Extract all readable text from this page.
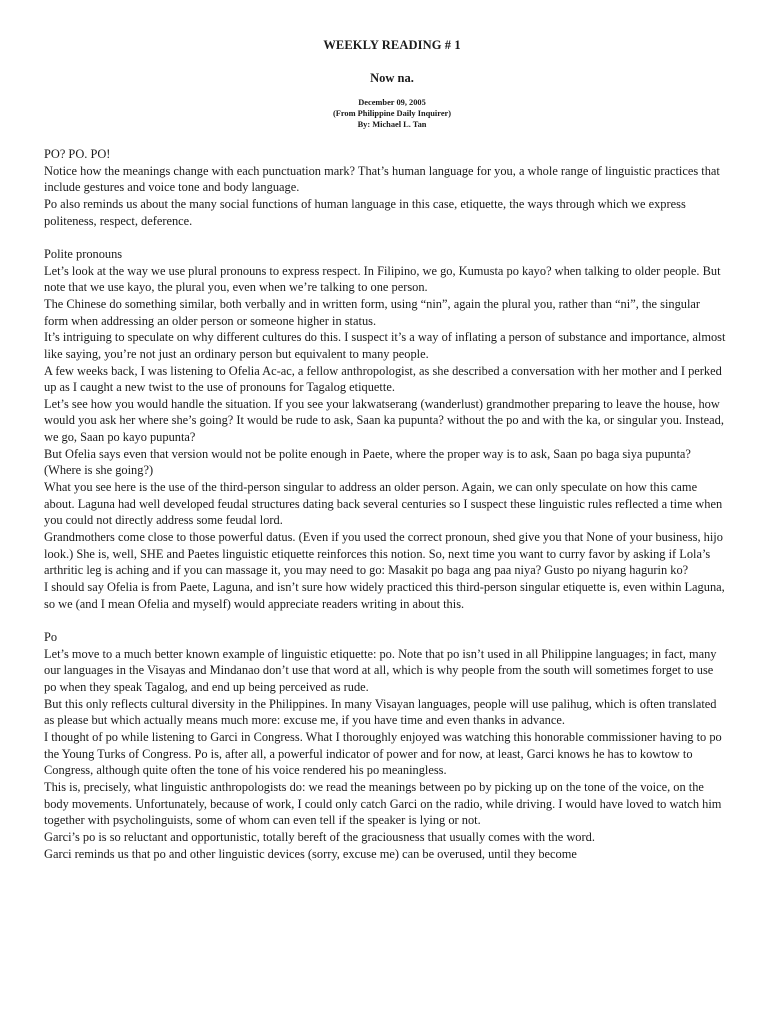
WEEKLY READING # 1

Now na.

December 09, 2005

(From Philippine Daily Inquirer)

By: Michael L. Tan

PO? PO. PO!

Notice how the meanings change with each punctuation mark? That’s human language for you, a whole range of linguistic practices that include gestures and voice tone and body language.

Po also reminds us about the many social functions of human language in this case, etiquette, the ways through which we express politeness, respect, deference.

Polite pronouns

Let’s look at the way we use plural pronouns to express respect. In Filipino, we go, Kumusta po kayo? when talking to older people. But note that we use kayo, the plural you, even when we’re talking to one person.

The Chinese do something similar, both verbally and in written form, using “nin”, again the plural you, rather than “ni”, the singular form when addressing an older person or someone higher in status.

It’s intriguing to speculate on why different cultures do this. I suspect it’s a way of inflating a person of substance and importance, almost like saying, you’re not just an ordinary person but equivalent to many people.

A few weeks back, I was listening to Ofelia Ac-ac, a fellow anthropologist, as she described a conversation with her mother and I perked up as I caught a new twist to the use of pronouns for Tagalog etiquette.

Let’s see how you would handle the situation. If you see your lakwatserang (wanderlust) grandmother preparing to leave the house, how would you ask her where she’s going? It would be rude to ask, Saan ka pupunta? without the po and with the ka, or singular you. Instead, we go, Saan po kayo pupunta?

But Ofelia says even that version would not be polite enough in Paete, where the proper way is to ask, Saan po baga siya pupunta? (Where is she going?)

What you see here is the use of the third-person singular to address an older person. Again, we can only speculate on how this came about. Laguna had well developed feudal structures dating back several centuries so I suspect these linguistic rules reflected a time when you could not directly address some feudal lord.

Grandmothers come close to those powerful datus. (Even if you used the correct pronoun, shed give you that None of your business, hijo look.) She is, well, SHE and Paetes linguistic etiquette reinforces this notion. So, next time you want to curry favor by asking if Lola’s arthritic leg is aching and if you can massage it, you may need to go: Masakit po baga ang paa niya? Gusto po niyang hagurin ko?

I should say Ofelia is from Paete, Laguna, and isn’t sure how widely practiced this third-person singular etiquette is, even within Laguna, so we (and I mean Ofelia and myself) would appreciate readers writing in about this.

Po

Let’s move to a much better known example of linguistic etiquette: po. Note that po isn’t used in all Philippine languages; in fact, many our languages in the Visayas and Mindanao don’t use that word at all, which is why people from the south will sometimes forget to use po when they speak Tagalog, and end up being perceived as rude.

But this only reflects cultural diversity in the Philippines. In many Visayan languages, people will use palihug, which is often translated as please but which actually means much more: excuse me, if you have time and even thanks in advance.

I thought of po while listening to Garci in Congress. What I thoroughly enjoyed was watching this honorable commissioner having to po the Young Turks of Congress. Po is, after all, a powerful indicator of power and for now, at least, Garci knows he has to kowtow to Congress, although quite often the tone of his voice rendered his po meaningless.

This is, precisely, what linguistic anthropologists do: we read the meanings between po by picking up on the tone of the voice, on the body movements. Unfortunately, because of work, I could only catch Garci on the radio, while driving. I would have loved to watch him together with psycholinguists, some of whom can even tell if the speaker is lying or not.

Garci’s po is so reluctant and opportunistic, totally bereft of the graciousness that usually comes with the word.

Garci reminds us that po and other linguistic devices (sorry, excuse me) can be overused, until they become
